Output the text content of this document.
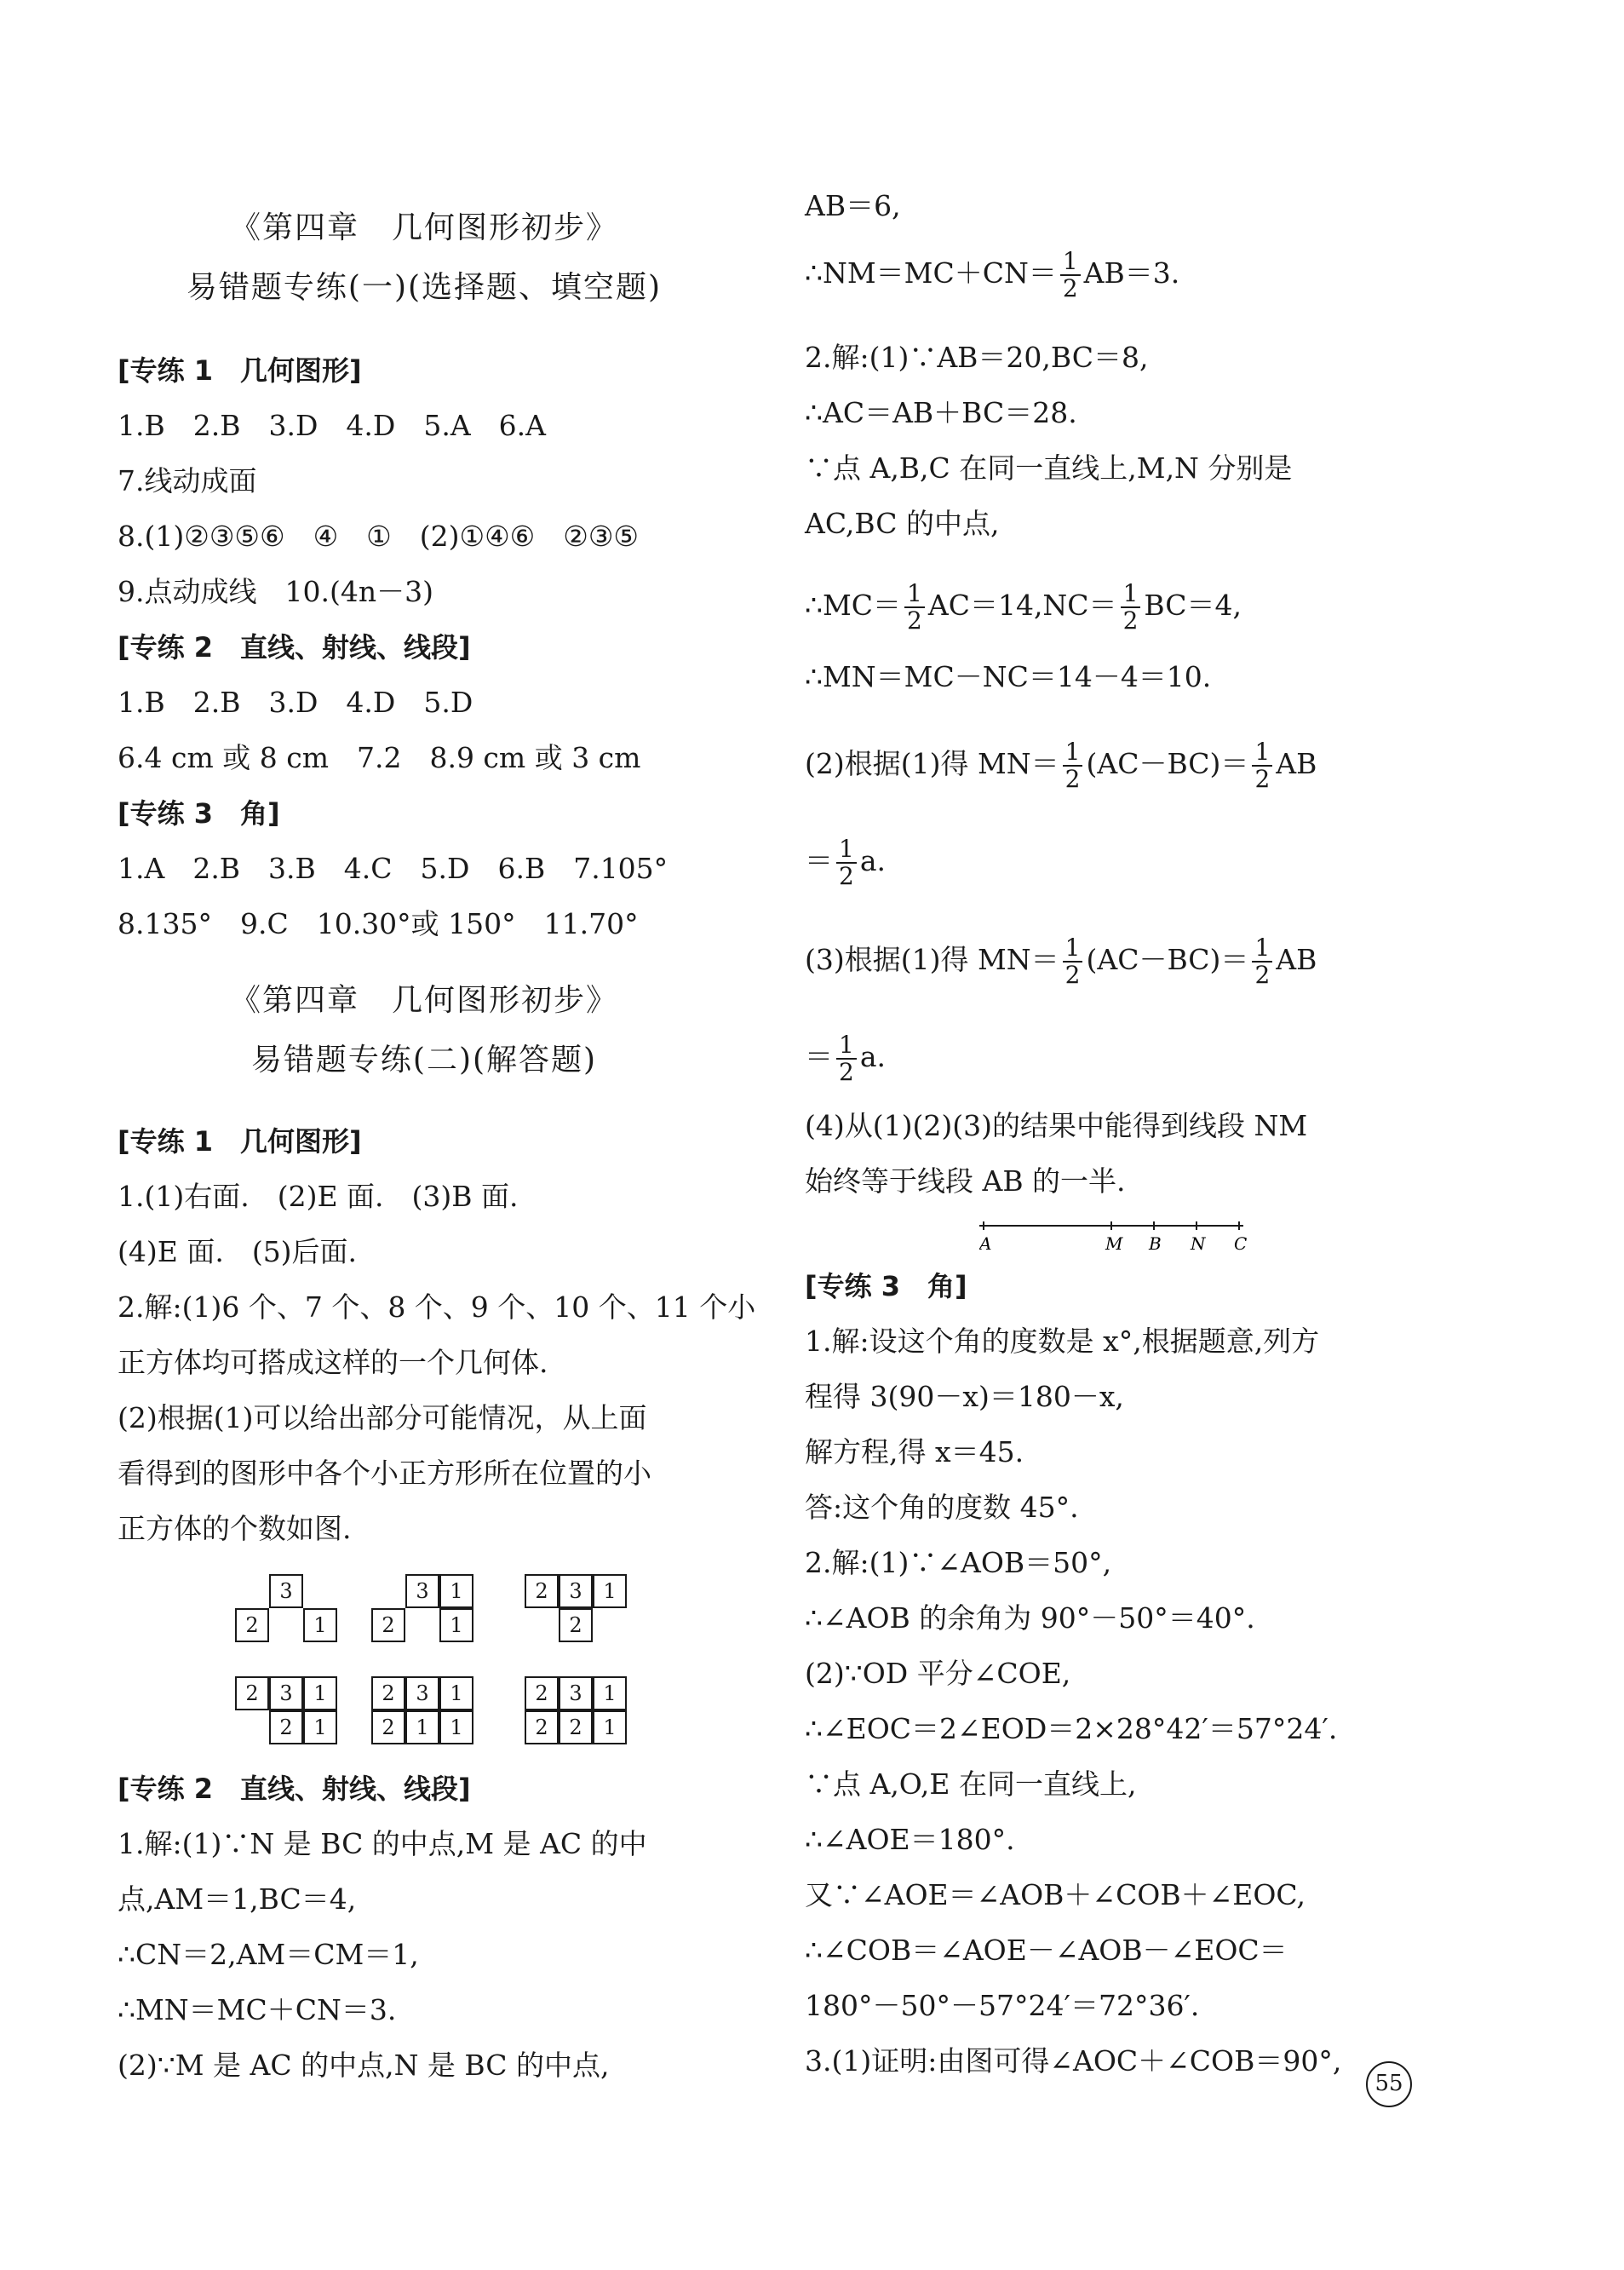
《第四章　几何图形初步》
易错题专练(一)(选择题、填空题)
[专练 1　几何图形]
1.B　2.B　3.D　4.D　5.A　6.A
7.线动成面
8.(1)②③⑤⑥　④　①　(2)①④⑥　②③⑤
9.点动成线　10.(4n－3)
[专练 2　直线、射线、线段]
1.B　2.B　3.D　4.D　5.D
6.4 cm 或 8 cm　7.2　8.9 cm 或 3 cm
[专练 3　角]
1.A　2.B　3.B　4.C　5.D　6.B　7.105°
8.135°　9.C　10.30°或 150°　11.70°
《第四章　几何图形初步》
易错题专练(二)(解答题)
[专练 1　几何图形]
1.(1)右面.　(2)E 面.　(3)B 面.
(4)E 面.　(5)后面.
2.解:(1)6 个、7 个、8 个、9 个、10 个、11 个小
正方体均可搭成这样的一个几何体.
(2)根据(1)可以给出部分可能情况，从上面
看得到的图形中各个小正方形所在位置的小
正方体的个数如图.
3
2	1
3	1
2	1
2	3	1
2
2	3	1
2	1
2	3	1
2	1	1
2	3	1
2	2	1
[专练 2　直线、射线、线段]
1.解:(1)∵N 是 BC 的中点,M 是 AC 的中
点,AM＝1,BC＝4,
∴CN＝2,AM＝CM＝1,
∴MN＝MC＋CN＝3.
(2)∵M 是 AC 的中点,N 是 BC 的中点,
AB＝6,
∴NM＝MC＋CN＝ $\frac{1}{2} AB=3$.
2.解:(1)∵AB＝20,BC＝8,
∴AC＝AB＋BC＝28.
∵点 A,B,C 在同一直线上,M,N 分别是
AC,BC 的中点,
∴MC＝ $\frac{1}{2} AC=14,NC= \frac{1}{2} BC=4$,
∴MN＝MC－NC＝14－4＝10.
(2)根据(1)得 $MN= \frac{1}{2} (AC-BC)= \frac{1}{2}$ AB
＝ $\frac{1}{2} a$.
(3)根据(1)得 $MN= \frac{1}{2} (AC-BC)= \frac{1}{2}$ AB
＝ $\frac{1}{2} a$.
(4)从(1)(2)(3)的结果中能得到线段 NM
始终等于线段 AB 的一半.
A	M B N C
[专练 3　角]
1.解:设这个角的度数是 x°,根据题意,列方
程得 3(90－x)＝180－x,
解方程,得 x＝45.
答:这个角的度数 45°.
2.解:(1)∵∠AOB＝50°,
∴∠AOB 的余角为 90°－50°＝40°.
(2)∵OD 平分∠COE,
∴∠EOC＝2∠EOD＝2×28°42′＝57°24′.
∵点 A,O,E 在同一直线上,
∴∠AOE＝180°.
又∵∠AOE＝∠AOB＋∠COB＋∠EOC,
∴∠COB＝∠AOE－∠AOB－∠EOC＝
180°－50°－57°24′＝72°36′.
3.(1)证明:由图可得∠AOC＋∠COB＝90°,
55
